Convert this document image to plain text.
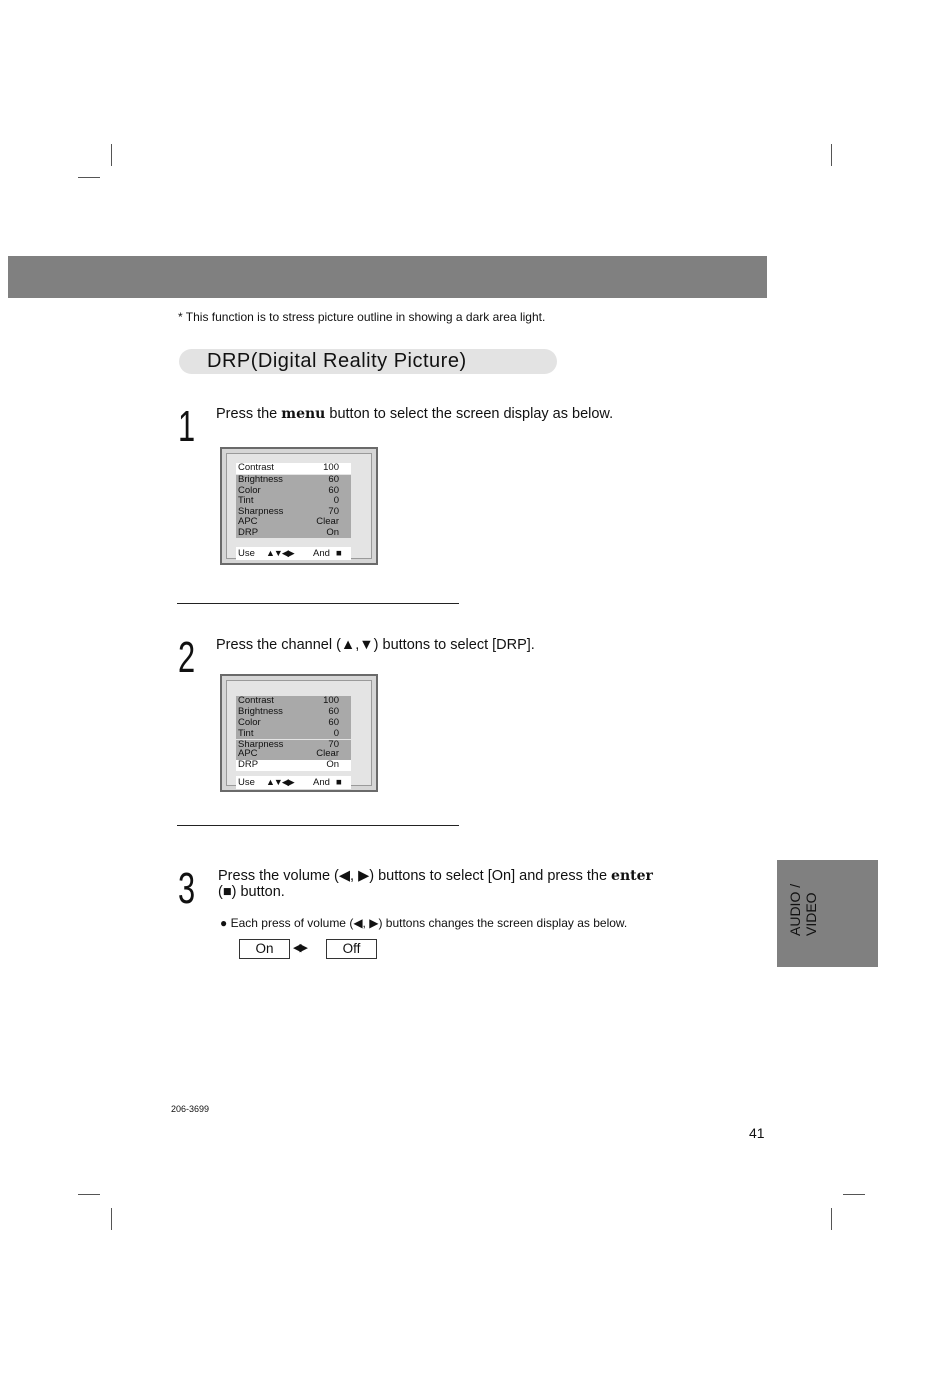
* This function is to stress picture outline in showing a dark area light.
DRP(Digital Reality Picture)
1 Press the menu button to select the screen display as below.
Contrast	100
Brightness	60
Color	60
Tint	0
Sharpness	70
APC	Clear
DRP	On
Use ▲▼◀▶ And ■
2 Press the channel (▲,▼) buttons to select [DRP].
Contrast	100
Brightness	60
Color	60
Tint	0
Sharpness	70
APC	Clear
DRP	On
Use ▲▼◀▶ And ■
3 Press the volume (◀, ▶) buttons to select [On] and press the enter
(■) button.
● Each press of volume (◀, ▶) buttons changes the screen display as below.
On	◀▶	Off
AUDIO / VIDEO
206-3699
41
